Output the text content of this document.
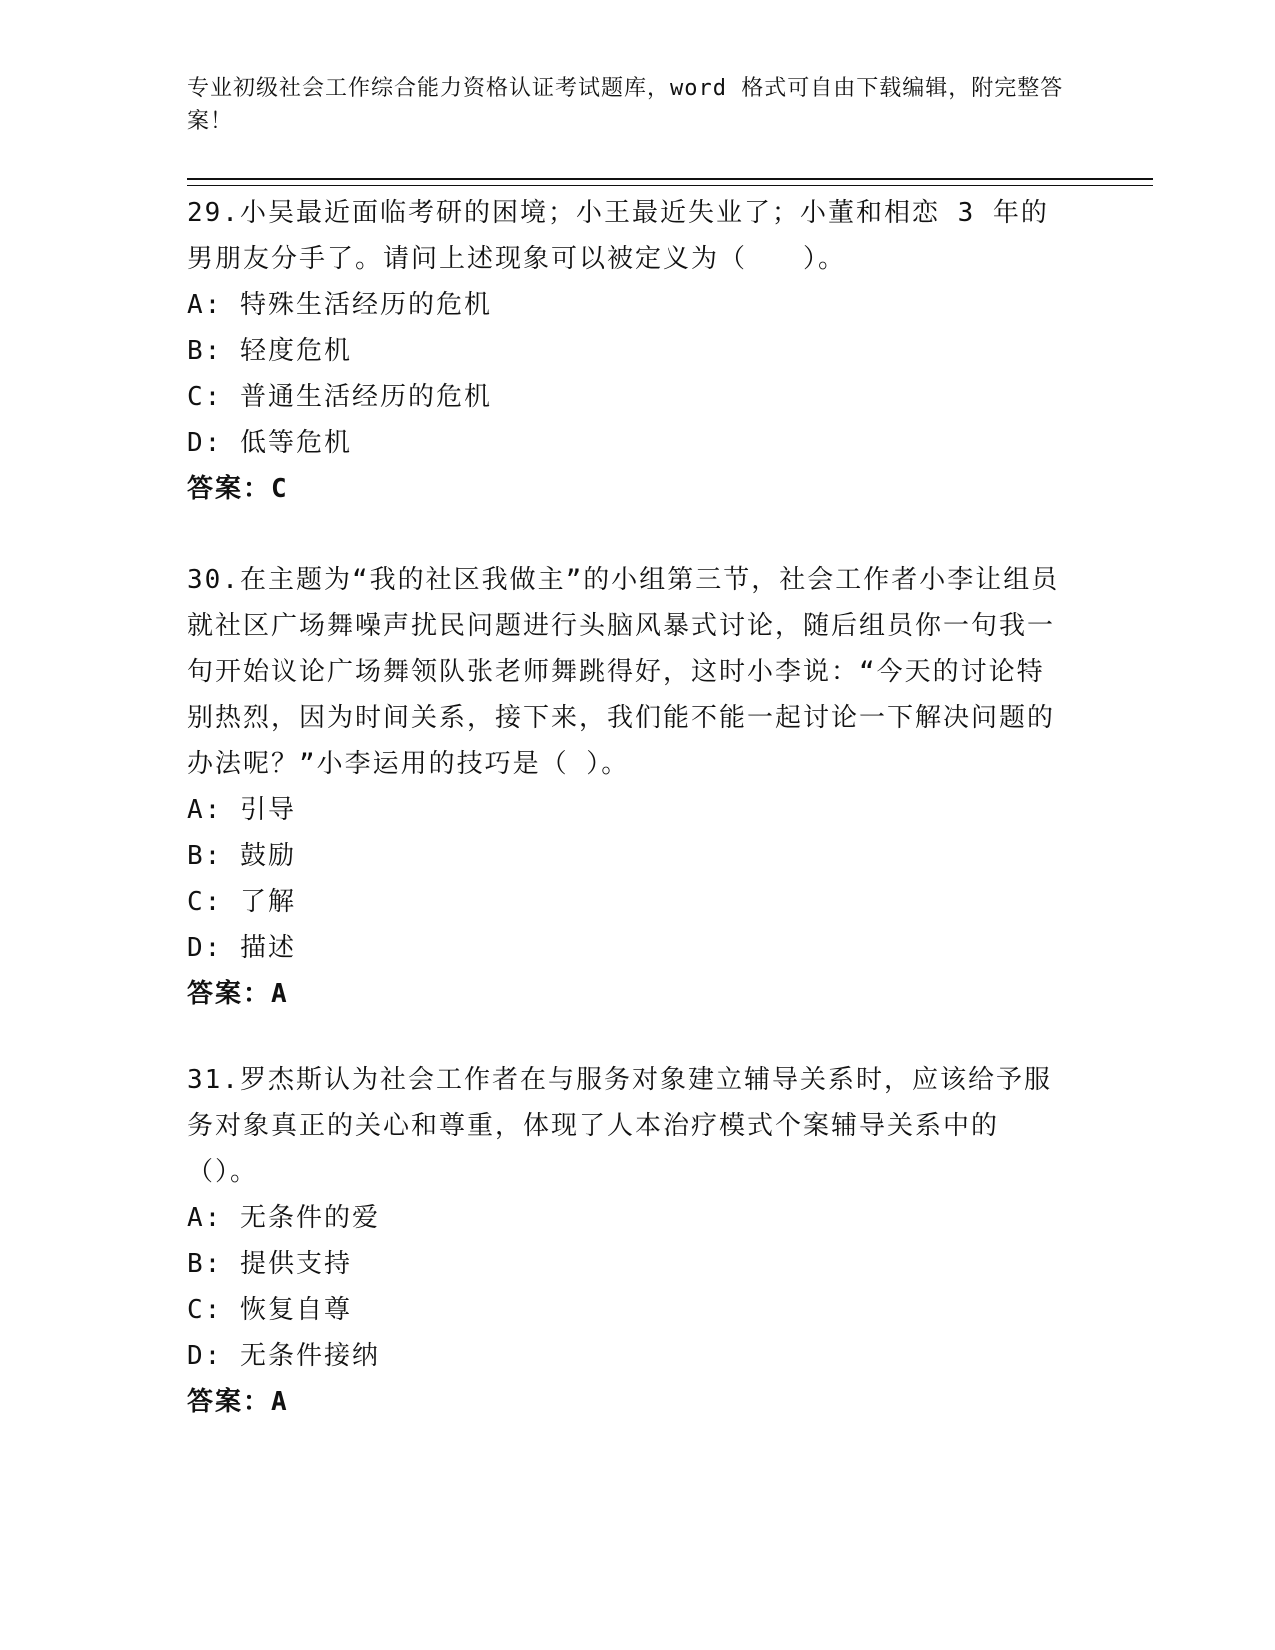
专业初级社会工作综合能力资格认证考试题库，word 格式可自由下载编辑，附完整答案！

29.小吴最近面临考研的困境；小王最近失业了；小董和相恋 3 年的男朋友分手了。请问上述现象可以被定义为（　　）。

A: 特殊生活经历的危机

B: 轻度危机

C: 普通生活经历的危机

D: 低等危机

答案：C

30.在主题为“我的社区我做主”的小组第三节，社会工作者小李让组员就社区广场舞噪声扰民问题进行头脑风暴式讨论，随后组员你一句我一句开始议论广场舞领队张老师舞跳得好，这时小李说：“今天的讨论特别热烈，因为时间关系，接下来，我们能不能一起讨论一下解决问题的办法呢？”小李运用的技巧是（ ）。

A: 引导

B: 鼓励

C: 了解

D: 描述

答案：A

31.罗杰斯认为社会工作者在与服务对象建立辅导关系时，应该给予服务对象真正的关心和尊重，体现了人本治疗模式个案辅导关系中的（）。

A: 无条件的爱

B: 提供支持

C: 恢复自尊

D: 无条件接纳

答案：A
